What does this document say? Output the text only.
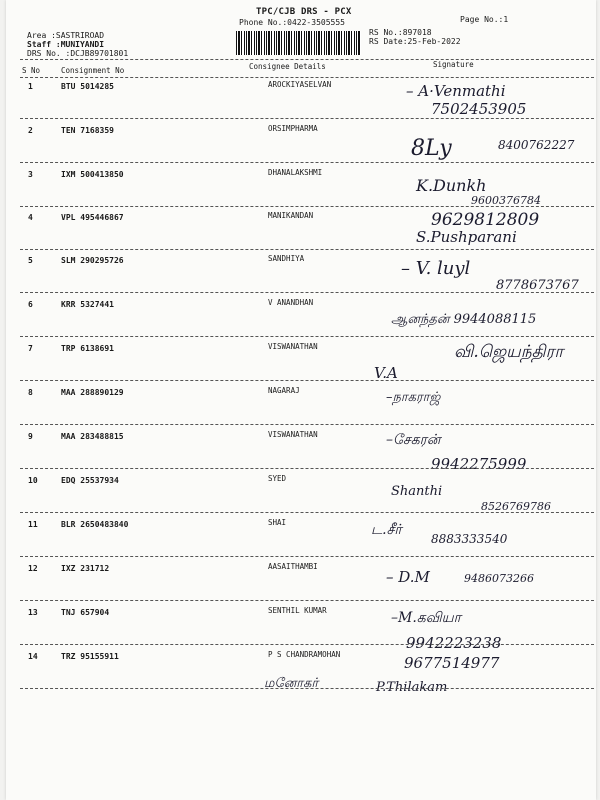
TPC/CJB DRS - PCX
Phone No.:0422-3505555	Page No.:1
RS No.:897018
RS Date:25-Feb-2022
Area :SASTRIROAD
Staff :MUNIYANDI
DRS No. :DCJB89701801
S No	Consignment No	Consignee Details	Signature
1	BTU 5014285	AROCKIYASELVAN	– A·Venmathi
7502453905
2	TEN 7168359	ORSIMPHARMA
8Ly	8400762227
3	IXM 500413850	DHANALAKSHMI
K.Dunkh
9600376784
4	VPL 495446867	MANIKANDAN	9629812809
S.Pushparani
5	SLM 290295726	SANDHIYA	– V. luyl
8778673767
6	KRR 5327441	V ANANDHAN
ஆனந்தன் 9944088115
7	TRP 6138691	VISWANATHAN
V.A
வி.ஜெயந்திரா
8	MAA 288890129	NAGARAJ	–நாகராஜ்
9	MAA 283488815	VISWANATHAN	–சேகரன்
9942275999
10	EDQ 25537934	SYED
Shanthi
8526769786
11	BLR 2650483840	SHAI	ட.சீர்
8883333540
12	IXZ 231712	AASAITHAMBI
– D.M	9486073266
13	TNJ 657904	SENTHIL KUMAR	–M.கவியா
9942223238
14	TRZ 95155911	P S CHANDRAMOHAN	9677514977
P.Thilakam
மனோகர்
